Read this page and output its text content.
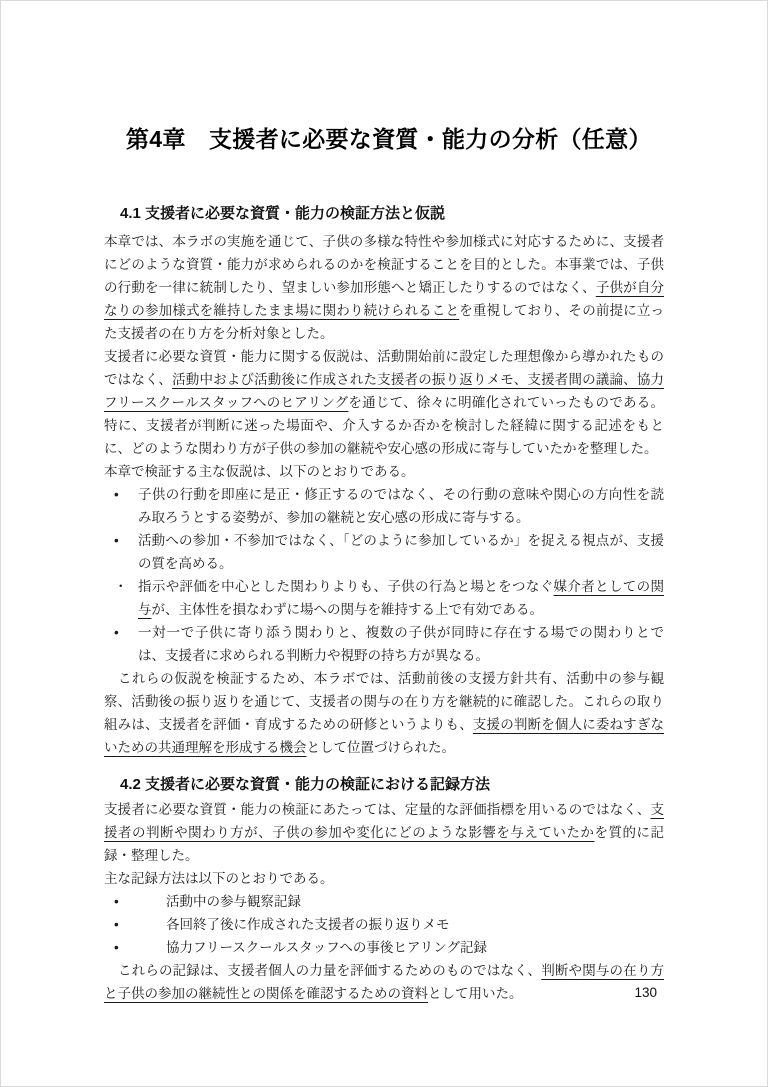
第4章　支援者に必要な資質・能力の分析（任意）
4.1 支援者に必要な資質・能力の検証方法と仮説

本章では、本ラボの実施を通じて、子供の多様な特性や参加様式に対応するために、支援者にどのような資質・能力が求められるのかを検証することを目的とした。本事業では、子供の行動を一律に統制したり、望ましい参加形態へと矯正したりするのではなく、子供が自分なりの参加様式を維持したまま場に関わり続けられることを重視しており、その前提に立った支援者の在り方を分析対象とした。

支援者に必要な資質・能力に関する仮説は、活動開始前に設定した理想像から導かれたものではなく、活動中および活動後に作成された支援者の振り返りメモ、支援者間の議論、協力フリースクールスタッフへのヒアリングを通じて、徐々に明確化されていったものである。特に、支援者が判断に迷った場面や、介入するか否かを検討した経緯に関する記述をもとに、どのような関わり方が子供の参加の継続や安心感の形成に寄与していたかを整理した。

本章で検証する主な仮説は、以下のとおりである。

•	子供の行動を即座に是正・修正するのではなく、その行動の意味や関心の方向性を読み取ろうとする姿勢が、参加の継続と安心感の形成に寄与する。
•	活動への参加・不参加ではなく、「どのように参加しているか」を捉える視点が、支援の質を高める。
・ 指示や評価を中心とした関わりよりも、子供の行為と場とをつなぐ媒介者としての関与が、主体性を損なわずに場への関与を維持する上で有効である。
•	一対一で子供に寄り添う関わりと、複数の子供が同時に存在する場での関わりとでは、支援者に求められる判断力や視野の持ち方が異なる。

これらの仮説を検証するため、本ラボでは、活動前後の支援方針共有、活動中の参与観察、活動後の振り返りを通じて、支援者の関与の在り方を継続的に確認した。これらの取り組みは、支援者を評価・育成するための研修というよりも、支援の判断を個人に委ねすぎないための共通理解を形成する機会として位置づけられた。

4.2 支援者に必要な資質・能力の検証における記録方法

支援者に必要な資質・能力の検証にあたっては、定量的な評価指標を用いるのではなく、支援者の判断や関わり方が、子供の参加や変化にどのような影響を与えていたかを質的に記録・整理した。

主な記録方法は以下のとおりである。

•	活動中の参与観察記録
•	各回終了後に作成された支援者の振り返りメモ
•	協力フリースクールスタッフへの事後ヒアリング記録

これらの記録は、支援者個人の力量を評価するためのものではなく、判断や関与の在り方と子供の参加の継続性との関係を確認するための資料として用いた。	130
